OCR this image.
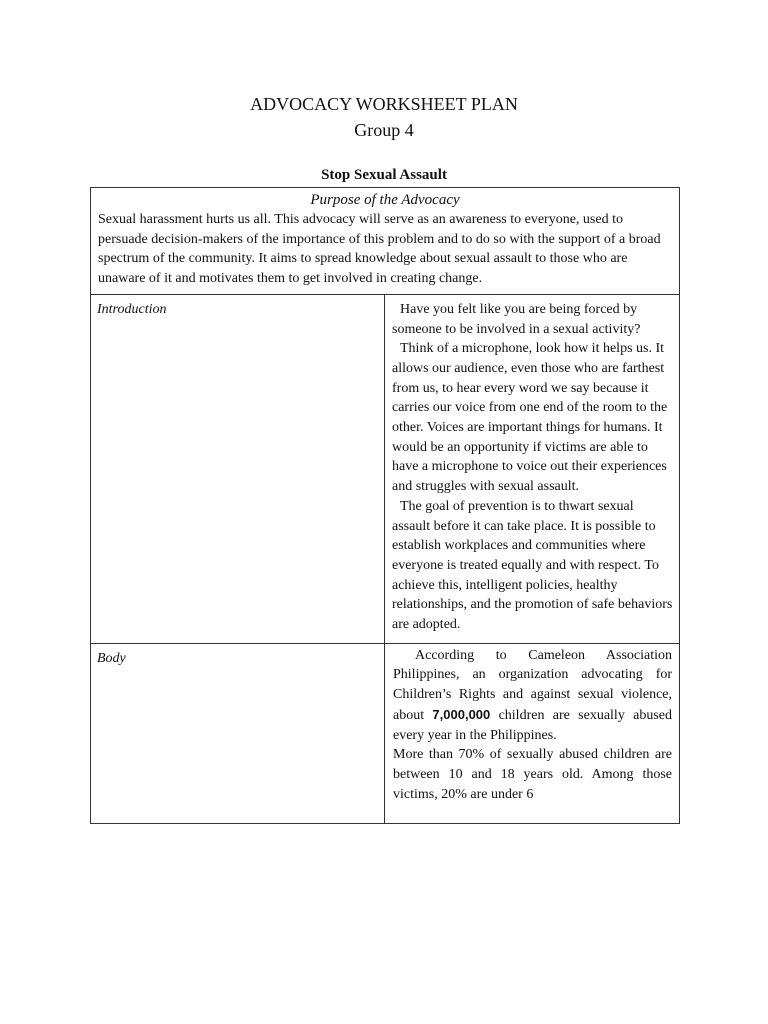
ADVOCACY WORKSHEET PLAN
Group 4
Stop Sexual Assault
Purpose of the Advocacy
Sexual harassment hurts us all. This advocacy will serve as an awareness to everyone, used to persuade decision-makers of the importance of this problem and to do so with the support of a broad spectrum of the community. It aims to spread knowledge about sexual assault to those who are unaware of it and motivates them to get involved in creating change.	

Introduction	Have you felt like you are being forced by someone to be involved in a sexual activity?

Think of a microphone, look how it helps us. It allows our audience, even those who are farthest from us, to hear every word we say because it carries our voice from one end of the room to the other. Voices are important things for humans. It would be an opportunity if victims are able to have a microphone to voice out their experiences and struggles with sexual assault.

The goal of prevention is to thwart sexual assault before it can take place. It is possible to establish workplaces and communities where everyone is treated equally and with respect. To achieve this, intelligent policies, healthy relationships, and the promotion of safe behaviors are adopted.

Body	According to Cameleon Association Philippines, an organization advocating for Children’s Rights and against sexual violence, about 7,000,000 children are sexually abused every year in the Philippines.

More than 70% of sexually abused children are between 10 and 18 years old. Among those victims, 20% are under 6
